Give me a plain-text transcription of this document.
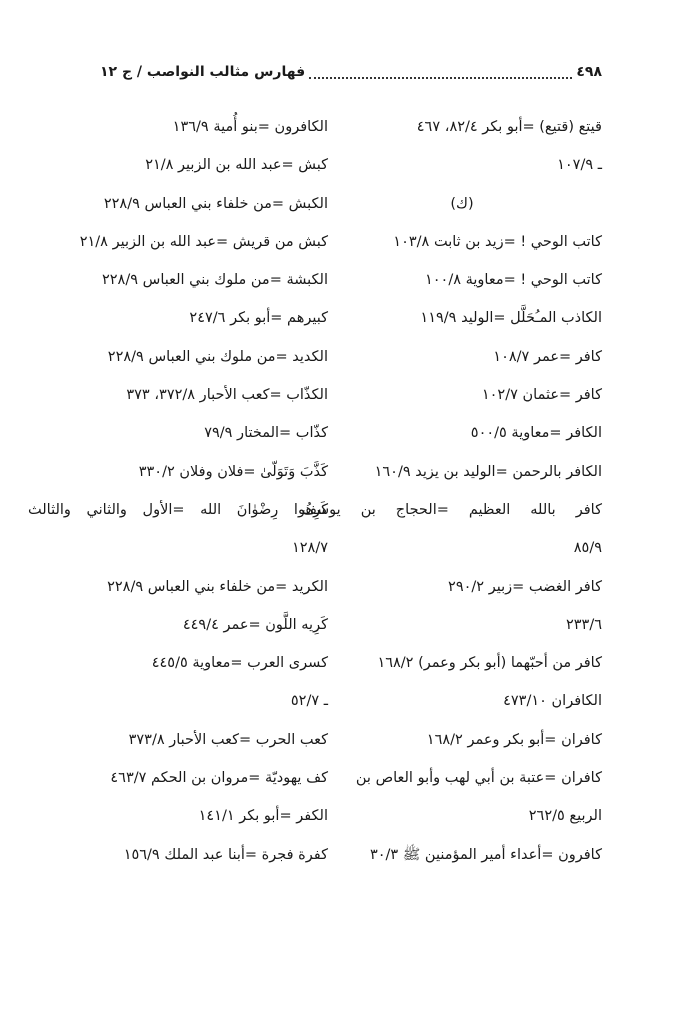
٤٩٨
فهارس مثالب النواصب / ج ١٢
قيتع (قتيع) =أبو بكر ٨٢/٤، ٤٦٧
ـ ١٠٧/٩
(ك)
كاتب الوحي ! =زيد بن ثابت ١٠٣/٨
كاتب الوحي ! =معاوية ١٠٠/٨
الكاذب المـُحَلَّل =الوليد ١١٩/٩
كافر =عمر ١٠٨/٧
كافر =عثمان ١٠٢/٧
الكافر =معاوية ٥٠٠/٥
الكافر بالرحمن =الوليد بن يزيد ١٦٠/٩
كافر بالله العظيم =الحجاج بن يوسف
٨٥/٩
كافر الغضب =زبير ٢٩٠/٢
٢٣٣/٦
كافر من أحبّهما (أبو بكر وعمر) ١٦٨/٢
الكافران ٤٧٣/١٠
كافران =أبو بكر وعمر ١٦٨/٢
كافران =عتبة بن أبي لهب وأبو العاص بن
الربيع ٢٦٢/٥
كافرون =أعداء أمير المؤمنين ﷺ ٣٠/٣
الكافرون =بنو أُمية ١٣٦/٩
كبش =عبد الله بن الزبير ٢١/٨
الكبش =من خلفاء بني العباس ٢٢٨/٩
كبش من قريش =عبد الله بن الزبير ٢١/٨
الكبشة =من ملوك بني العباس ٢٢٨/٩
كبيرهم =أبو بكر ٢٤٧/٦
الكديد =من ملوك بني العباس ٢٢٨/٩
الكذّاب =كعب الأحبار ٣٧٢/٨، ٣٧٣
كذّاب =المختار ٧٩/٩
كَذَّبَ وَتَوَلّىٰ =فلان وفلان ٣٣٠/٢
كَرِهُوا رِضْوٰانَ الله =الأول والثاني والثالث
١٢٨/٧
الكريد =من خلفاء بني العباس ٢٢٨/٩
كَرِيه اللَّون =عمر ٤٤٩/٤
كسرى العرب =معاوية ٤٤٥/٥
ـ ٥٢/٧
كعب الحرب =كعب الأحبار ٣٧٣/٨
كف يهوديّة =مروان بن الحكم ٤٦٣/٧
الكفر =أبو بكر ١٤١/١
كفرة فجرة =أبنا عبد الملك ١٥٦/٩
